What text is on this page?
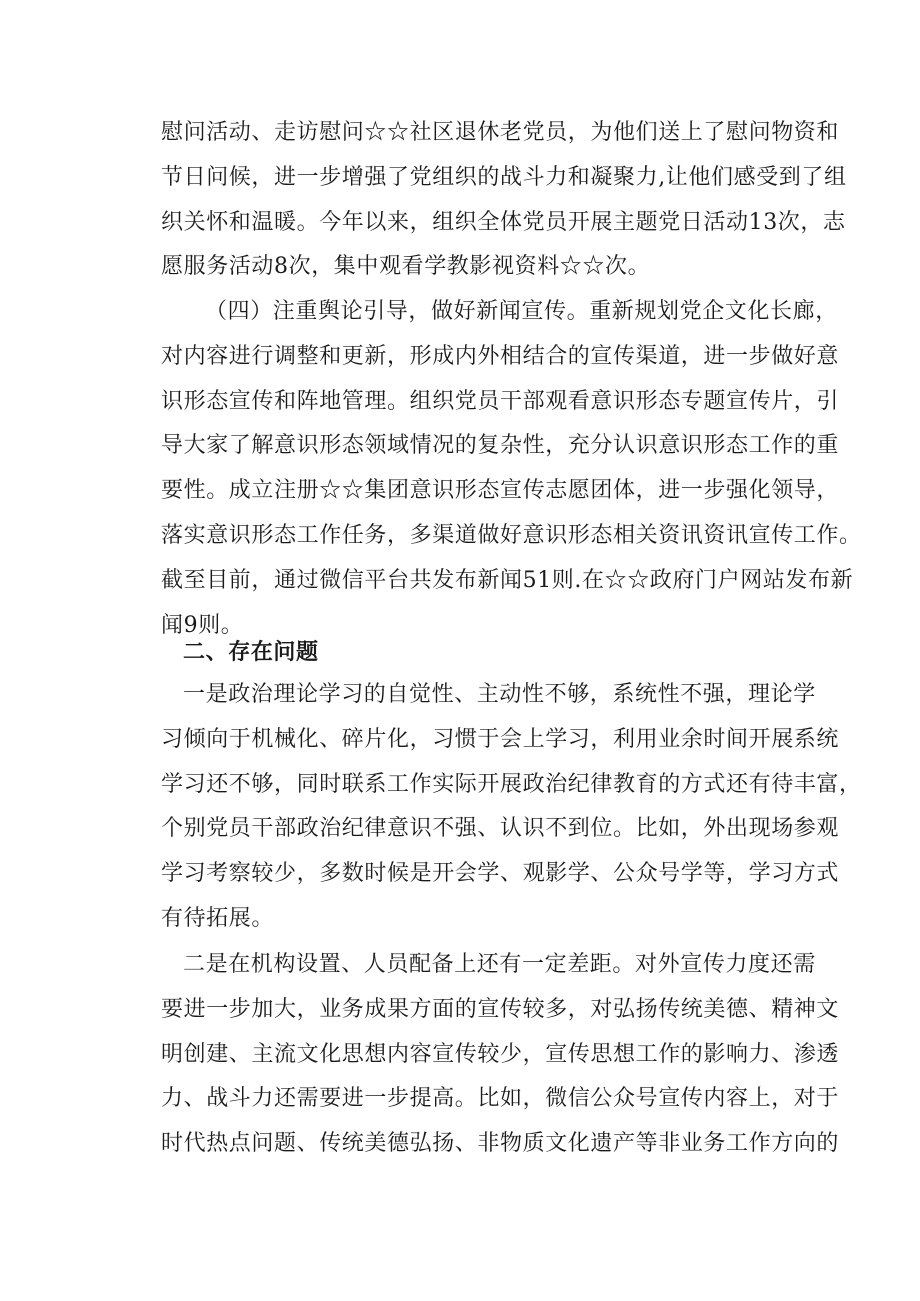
慰问活动、走访慰问☆☆社区退休老党员，为他们送上了慰问物资和
节日问候，进一步增强了党组织的战斗力和凝聚力,让他们感受到了组
织关怀和温暖。今年以来，组织全体党员开展主题党日活动13次，志
愿服务活动8次，集中观看学教影视资料☆☆次。
（四）注重舆论引导，做好新闻宣传。重新规划党企文化长廊，
对内容进行调整和更新，形成内外相结合的宣传渠道，进一步做好意
识形态宣传和阵地管理。组织党员干部观看意识形态专题宣传片，引
导大家了解意识形态领域情况的复杂性，充分认识意识形态工作的重
要性。成立注册☆☆集团意识形态宣传志愿团体，进一步强化领导，
落实意识形态工作任务，多渠道做好意识形态相关资讯资讯宣传工作。
截至目前，通过微信平台共发布新闻51则.在☆☆政府门户网站发布新
闻9则。
二、存在问题
一是政治理论学习的自觉性、主动性不够，系统性不强，理论学
习倾向于机械化、碎片化，习惯于会上学习，利用业余时间开展系统
学习还不够，同时联系工作实际开展政治纪律教育的方式还有待丰富，
个别党员干部政治纪律意识不强、认识不到位。比如，外出现场参观
学习考察较少，多数时候是开会学、观影学、公众号学等，学习方式
有待拓展。
二是在机构设置、人员配备上还有一定差距。对外宣传力度还需
要进一步加大，业务成果方面的宣传较多，对弘扬传统美德、精神文
明创建、主流文化思想内容宣传较少，宣传思想工作的影响力、渗透
力、战斗力还需要进一步提高。比如，微信公众号宣传内容上，对于
时代热点问题、传统美德弘扬、非物质文化遗产等非业务工作方向的
